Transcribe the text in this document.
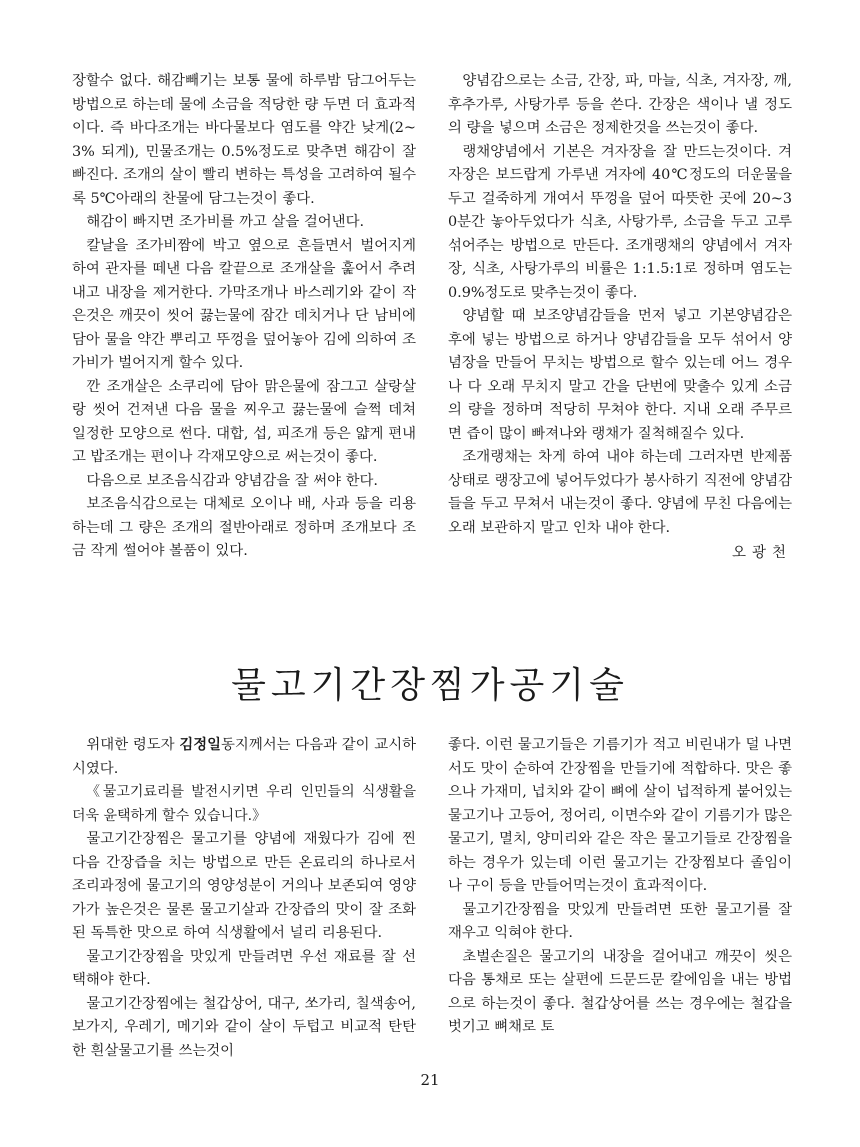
장할수 없다. 해감빼기는 보통 물에 하루밤 담그어두는 방법으로 하는데 물에 소금을 적당한 량 두면 더 효과적이다. 즉 바다조개는 바다물보다 염도를 약간 낮게(2~3% 되게), 민물조개는 0.5%정도로 맞추면 해감이 잘 빠진다. 조개의 살이 빨리 변하는 특성을 고려하여 될수록 5℃아래의 찬물에 담그는것이 좋다.

해감이 빠지면 조가비를 까고 살을 걸어낸다.

칼날을 조가비짬에 박고 옆으로 흔들면서 벌어지게 하여 관자를 떼낸 다음 칼끝으로 조개살을 훑어서 추려내고 내장을 제거한다. 가막조개나 바스레기와 같이 작은것은 깨끗이 씻어 끓는물에 잠간 데치거나 단 남비에 담아 물을 약간 뿌리고 뚜껑을 덮어놓아 김에 의하여 조가비가 벌어지게 할수 있다.

깐 조개살은 소쿠리에 담아 맑은물에 잠그고 살랑살랑 씻어 건져낸 다음 물을 찌우고 끓는물에 슬쩍 데쳐 일정한 모양으로 썬다. 대합, 섭, 피조개 등은 얇게 편내고 밥조개는 편이나 각재모양으로 써는것이 좋다.

다음으로 보조음식감과 양념감을 잘 써야 한다.

보조음식감으로는 대체로 오이나 배, 사과 등을 리용하는데 그 량은 조개의 절반아래로 정하며 조개보다 조금 작게 썰어야 볼품이 있다.

양념감으로는 소금, 간장, 파, 마늘, 식초, 겨자장, 깨, 후추가루, 사탕가루 등을 쓴다. 간장은 색이나 낼 정도의 량을 넣으며 소금은 정제한것을 쓰는것이 좋다.

랭채양념에서 기본은 겨자장을 잘 만드는것이다. 겨자장은 보드랍게 가루낸 겨자에 40℃정도의 더운물을 두고 걸죽하게 개여서 뚜껑을 덮어 따뜻한 곳에 20~30분간 놓아두었다가 식초, 사탕가루, 소금을 두고 고루 섞어주는 방법으로 만든다. 조개랭채의 양념에서 겨자장, 식초, 사탕가루의 비률은 1:1.5:1로 정하며 염도는 0.9%정도로 맞추는것이 좋다.

양념할 때 보조양념감들을 먼저 넣고 기본양념감은 후에 넣는 방법으로 하거나 양념감들을 모두 섞어서 양념장을 만들어 무치는 방법으로 할수 있는데 어느 경우나 다 오래 무치지 말고 간을 단번에 맞출수 있게 소금의 량을 정하며 적당히 무쳐야 한다. 지내 오래 주무르면 즙이 많이 빠져나와 랭채가 질척해질수 있다.

조개랭채는 차게 하여 내야 하는데 그러자면 반제품상태로 랭장고에 넣어두었다가 봉사하기 직전에 양념감들을 두고 무쳐서 내는것이 좋다. 양념에 무친 다음에는 오래 보관하지 말고 인차 내야 한다.

오광천
물고기간장찜가공기술

위대한 령도자 김정일동지께서는 다음과 같이 교시하시였다.

《물고기료리를 발전시키면 우리 인민들의 식생활을 더욱 윤택하게 할수 있습니다.》

물고기간장찜은 물고기를 양념에 재웠다가 김에 찐 다음 간장즙을 치는 방법으로 만든 온료리의 하나로서 조리과정에 물고기의 영양성분이 거의나 보존되여 영양가가 높은것은 물론 물고기살과 간장즙의 맛이 잘 조화된 독특한 맛으로 하여 식생활에서 널리 리용된다.

물고기간장찜을 맛있게 만들려면 우선 재료를 잘 선택해야 한다.

물고기간장찜에는 철갑상어, 대구, 쏘가리, 칠색송어, 보가지, 우레기, 메기와 같이 살이 두텁고 비교적 탄탄한 흰살물고기를 쓰는것이

좋다. 이런 물고기들은 기름기가 적고 비린내가 덜 나면서도 맛이 순하여 간장찜을 만들기에 적합하다. 맛은 좋으나 가재미, 넙치와 같이 뼈에 살이 넙적하게 붙어있는 물고기나 고등어, 정어리, 이면수와 같이 기름기가 많은 물고기, 멸치, 양미리와 같은 작은 물고기들로 간장찜을 하는 경우가 있는데 이런 물고기는 간장찜보다 졸임이나 구이 등을 만들어먹는것이 효과적이다.

물고기간장찜을 맛있게 만들려면 또한 물고기를 잘 재우고 익혀야 한다.

초벌손질은 물고기의 내장을 걸어내고 깨끗이 씻은 다음 통채로 또는 살편에 드문드문 칼에임을 내는 방법으로 하는것이 좋다. 철갑상어를 쓰는 경우에는 철갑을 벗기고 뼈채로 토

21
